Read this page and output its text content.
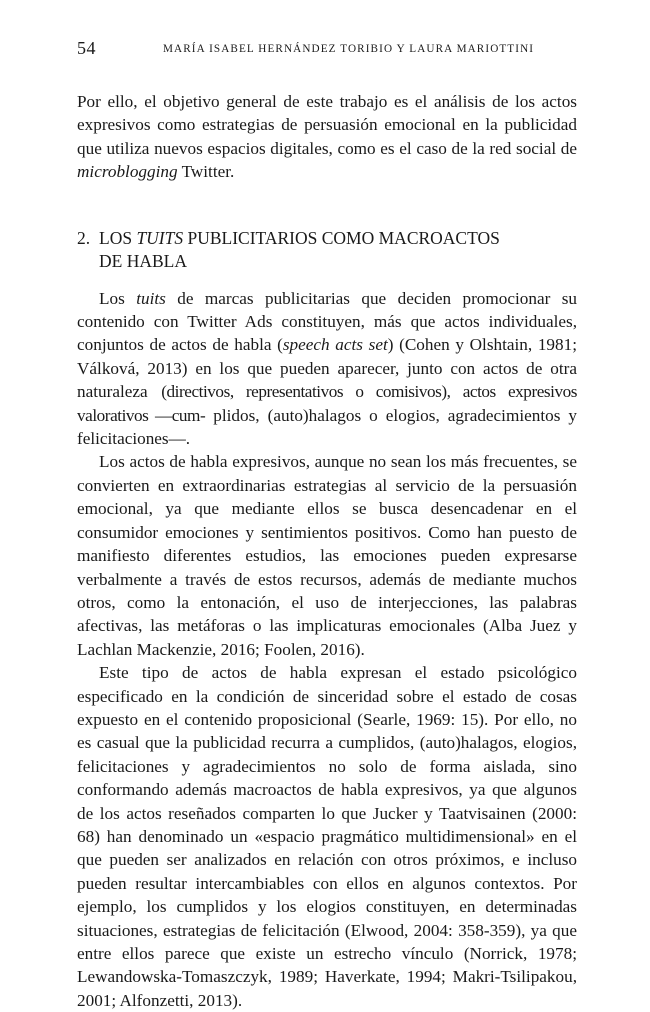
54	MARÍA ISABEL HERNÁNDEZ TORIBIO Y LAURA MARIOTTINI

Por ello, el objetivo general de este trabajo es el análisis de los actos expresivos como estrategias de persuasión emocional en la publicidad que utiliza nuevos espacios digitales, como es el caso de la red social de microblogging Twitter.

2. LOS TUITS PUBLICITARIOS COMO MACROACTOS
DE HABLA

Los tuits de marcas publicitarias que deciden promocionar su contenido con Twitter Ads constituyen, más que actos individuales, conjuntos de actos de habla (speech acts set) (Cohen y Olshtain, 1981; Válková, 2013) en los que pueden aparecer, junto con actos de otra naturaleza (directivos, representativos o comisivos), actos expresivos valorativos —cum- plidos, (auto)halagos o elogios, agradecimientos y felicitaciones—.

Los actos de habla expresivos, aunque no sean los más frecuentes, se convierten en extraordinarias estrategias al servicio de la persuasión emocional, ya que mediante ellos se busca desencadenar en el consumidor emociones y sentimientos positivos. Como han puesto de manifiesto diferentes estudios, las emociones pueden expresarse verbalmente a través de estos recursos, además de mediante muchos otros, como la entonación, el uso de interjecciones, las palabras afectivas, las metáforas o las implicaturas emocionales (Alba Juez y Lachlan Mackenzie, 2016; Foolen, 2016).

Este tipo de actos de habla expresan el estado psicológico especificado en la condición de sinceridad sobre el estado de cosas expuesto en el contenido proposicional (Searle, 1969: 15). Por ello, no es casual que la publicidad recurra a cumplidos, (auto)halagos, elogios, felicitaciones y agradecimientos no solo de forma aislada, sino conformando además macroactos de habla expresivos, ya que algunos de los actos reseñados comparten lo que Jucker y Taatvisainen (2000: 68) han denominado un «espacio pragmático multidimensional» en el que pueden ser analizados en relación con otros próximos, e incluso pueden resultar intercambiables con ellos en algunos contextos. Por ejemplo, los cumplidos y los elogios constituyen, en determinadas situaciones, estrategias de felicitación (Elwood, 2004: 358-359), ya que entre ellos parece que existe un estrecho vínculo (Norrick, 1978; Lewandowska-Tomaszczyk, 1989; Haverkate, 1994; Makri-Tsilipakou, 2001; Alfonzetti, 2013).
